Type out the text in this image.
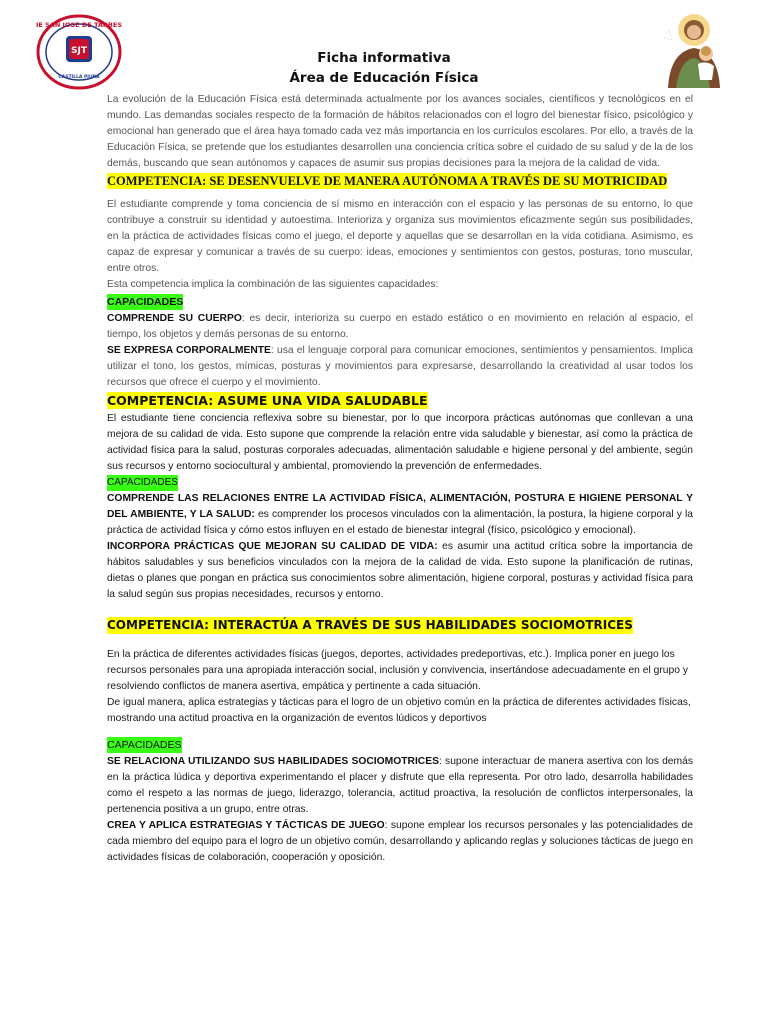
IE SAN JOSE DE TARBES
SJT
CASTILLA PIURA
Ficha informativa
Área de Educación Física

La evolución de la Educación Física está determinada actualmente por los avances sociales, científicos y tecnológicos en el mundo. Las demandas sociales respecto de la formación de hábitos relacionados con el logro del bienestar físico, psicológico y emocional han generado que el área haya tomado cada vez más importancia en los currículos escolares. Por ello, a través de la Educación Física, se pretende que los estudiantes desarrollen una conciencia crítica sobre el cuidado de su salud y de la de los demás, buscando que sean autónomos y capaces de asumir sus propias decisiones para la mejora de la calidad de vida.

COMPETENCIA: SE DESENVUELVE DE MANERA AUTÓNOMA A TRAVÉS DE SU MOTRICIDAD

El estudiante comprende y toma conciencia de sí mismo en interacción con el espacio y las personas de su entorno, lo que contribuye a construir su identidad y autoestima. Interioriza y organiza sus movimientos eficazmente según sus posibilidades, en la práctica de actividades físicas como el juego, el deporte y aquellas que se desarrollan en la vida cotidiana. Asimismo, es capaz de expresar y comunicar a través de su cuerpo: ideas, emociones y sentimientos con gestos, posturas, tono muscular, entre otros.

Esta competencia implica la combinación de las siguientes capacidades:

CAPACIDADES

COMPRENDE SU CUERPO: es decir, interioriza su cuerpo en estado estático o en movimiento en relación al espacio, el tiempo, los objetos y demás personas de su entorno.

SE EXPRESA CORPORALMENTE: usa el lenguaje corporal para comunicar emociones, sentimientos y pensamientos. Implica utilizar el tono, los gestos, mímicas, posturas y movimientos para expresarse, desarrollando la creatividad al usar todos los recursos que ofrece el cuerpo y el movimiento.

COMPETENCIA: ASUME UNA VIDA SALUDABLE

El estudiante tiene conciencia reflexiva sobre su bienestar, por lo que incorpora prácticas autónomas que conllevan a una mejora de su calidad de vida. Esto supone que comprende la relación entre vida saludable y bienestar, así como la práctica de actividad física para la salud, posturas corporales adecuadas, alimentación saludable e higiene personal y del ambiente, según sus recursos y entorno sociocultural y ambiental, promoviendo la prevención de enfermedades.

CAPACIDADES

COMPRENDE LAS RELACIONES ENTRE LA ACTIVIDAD FÍSICA, ALIMENTACIÓN, POSTURA E HIGIENE PERSONAL Y DEL AMBIENTE, Y LA SALUD: es comprender los procesos vinculados con la alimentación, la postura, la higiene corporal y la práctica de actividad física y cómo estos influyen en el estado de bienestar integral (físico, psicológico y emocional).

INCORPORA PRÁCTICAS QUE MEJORAN SU CALIDAD DE VIDA: es asumir una actitud crítica sobre la importancia de hábitos saludables y sus beneficios vinculados con la mejora de la calidad de vida. Esto supone la planificación de rutinas, dietas o planes que pongan en práctica sus conocimientos sobre alimentación, higiene corporal, posturas y actividad física para la salud según sus propias necesidades, recursos y entorno.

COMPETENCIA: INTERACTÚA A TRAVÉS DE SUS HABILIDADES SOCIOMOTRICES

En la práctica de diferentes actividades físicas (juegos, deportes, actividades predeportivas, etc.). Implica poner en juego los recursos personales para una apropiada interacción social, inclusión y convivencia, insertándose adecuadamente en el grupo y resolviendo conflictos de manera asertiva, empática y pertinente a cada situación.

De igual manera, aplica estrategias y tácticas para el logro de un objetivo común en la práctica de diferentes actividades físicas, mostrando una actitud proactiva en la organización de eventos lúdicos y deportivos

CAPACIDADES

SE RELACIONA UTILIZANDO SUS HABILIDADES SOCIOMOTRICES: supone interactuar de manera asertiva con los demás en la práctica lúdica y deportiva experimentando el placer y disfrute que ella representa. Por otro lado, desarrolla habilidades como el respeto a las normas de juego, liderazgo, tolerancia, actitud proactiva, la resolución de conflictos interpersonales, la pertenencia positiva a un grupo, entre otras.

CREA Y APLICA ESTRATEGIAS Y TÁCTICAS DE JUEGO: supone emplear los recursos personales y las potencialidades de cada miembro del equipo para el logro de un objetivo común, desarrollando y aplicando reglas y soluciones tácticas de juego en actividades físicas de colaboración, cooperación y oposición.
